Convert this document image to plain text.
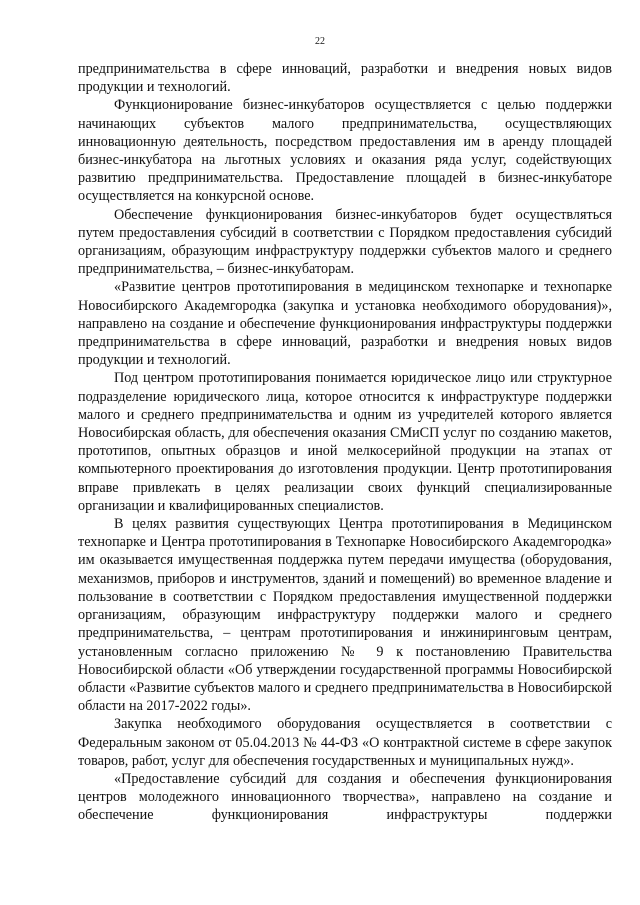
22

предпринимательства в сфере инноваций, разработки и внедрения новых видов продукции и технологий.

Функционирование бизнес-инкубаторов осуществляется с целью поддержки начинающих субъектов малого предпринимательства, осуществляющих инновационную деятельность, посредством предоставления им в аренду площадей бизнес-инкубатора на льготных условиях и оказания ряда услуг, содействующих развитию предпринимательства. Предоставление площадей в бизнес-инкубаторе осуществляется на конкурсной основе.

Обеспечение функционирования бизнес-инкубаторов будет осуществляться путем предоставления субсидий в соответствии с Порядком предоставления субсидий организациям, образующим инфраструктуру поддержки субъектов малого и среднего предпринимательства, – бизнес-инкубаторам.

«Развитие центров прототипирования в медицинском технопарке и технопарке Новосибирского Академгородка (закупка и установка необходимого оборудования)», направлено на создание и обеспечение функционирования инфраструктуры поддержки предпринимательства в сфере инноваций, разработки и внедрения новых видов продукции и технологий.

Под центром прототипирования понимается юридическое лицо или структурное подразделение юридического лица, которое относится к инфраструктуре поддержки малого и среднего предпринимательства и одним из учредителей которого является Новосибирская область, для обеспечения оказания СМиСП услуг по созданию макетов, прототипов, опытных образцов и иной мелкосерийной продукции на этапах от компьютерного проектирования до изготовления продукции. Центр прототипирования вправе привлекать в целях реализации своих функций специализированные организации и квалифицированных специалистов.

В целях развития существующих Центра прототипирования в Медицинском технопарке и Центра прототипирования в Технопарке Новосибирского Академгородка» им оказывается имущественная поддержка путем передачи имущества (оборудования, механизмов, приборов и инструментов, зданий и помещений) во временное владение и пользование в соответствии с Порядком предоставления имущественной поддержки организациям, образующим инфраструктуру поддержки малого и среднего предпринимательства, – центрам прототипирования и инжиниринговым центрам, установленным согласно приложению № 9 к постановлению Правительства Новосибирской области «Об утверждении государственной программы Новосибирской области «Развитие субъектов малого и среднего предпринимательства в Новосибирской области на 2017-2022 годы».

Закупка необходимого оборудования осуществляется в соответствии с Федеральным законом от 05.04.2013 № 44-ФЗ «О контрактной системе в сфере закупок товаров, работ, услуг для обеспечения государственных и муниципальных нужд».

«Предоставление субсидий для создания и обеспечения функционирования центров молодежного инновационного творчества», направлено на создание и обеспечение функционирования инфраструктуры поддержки
